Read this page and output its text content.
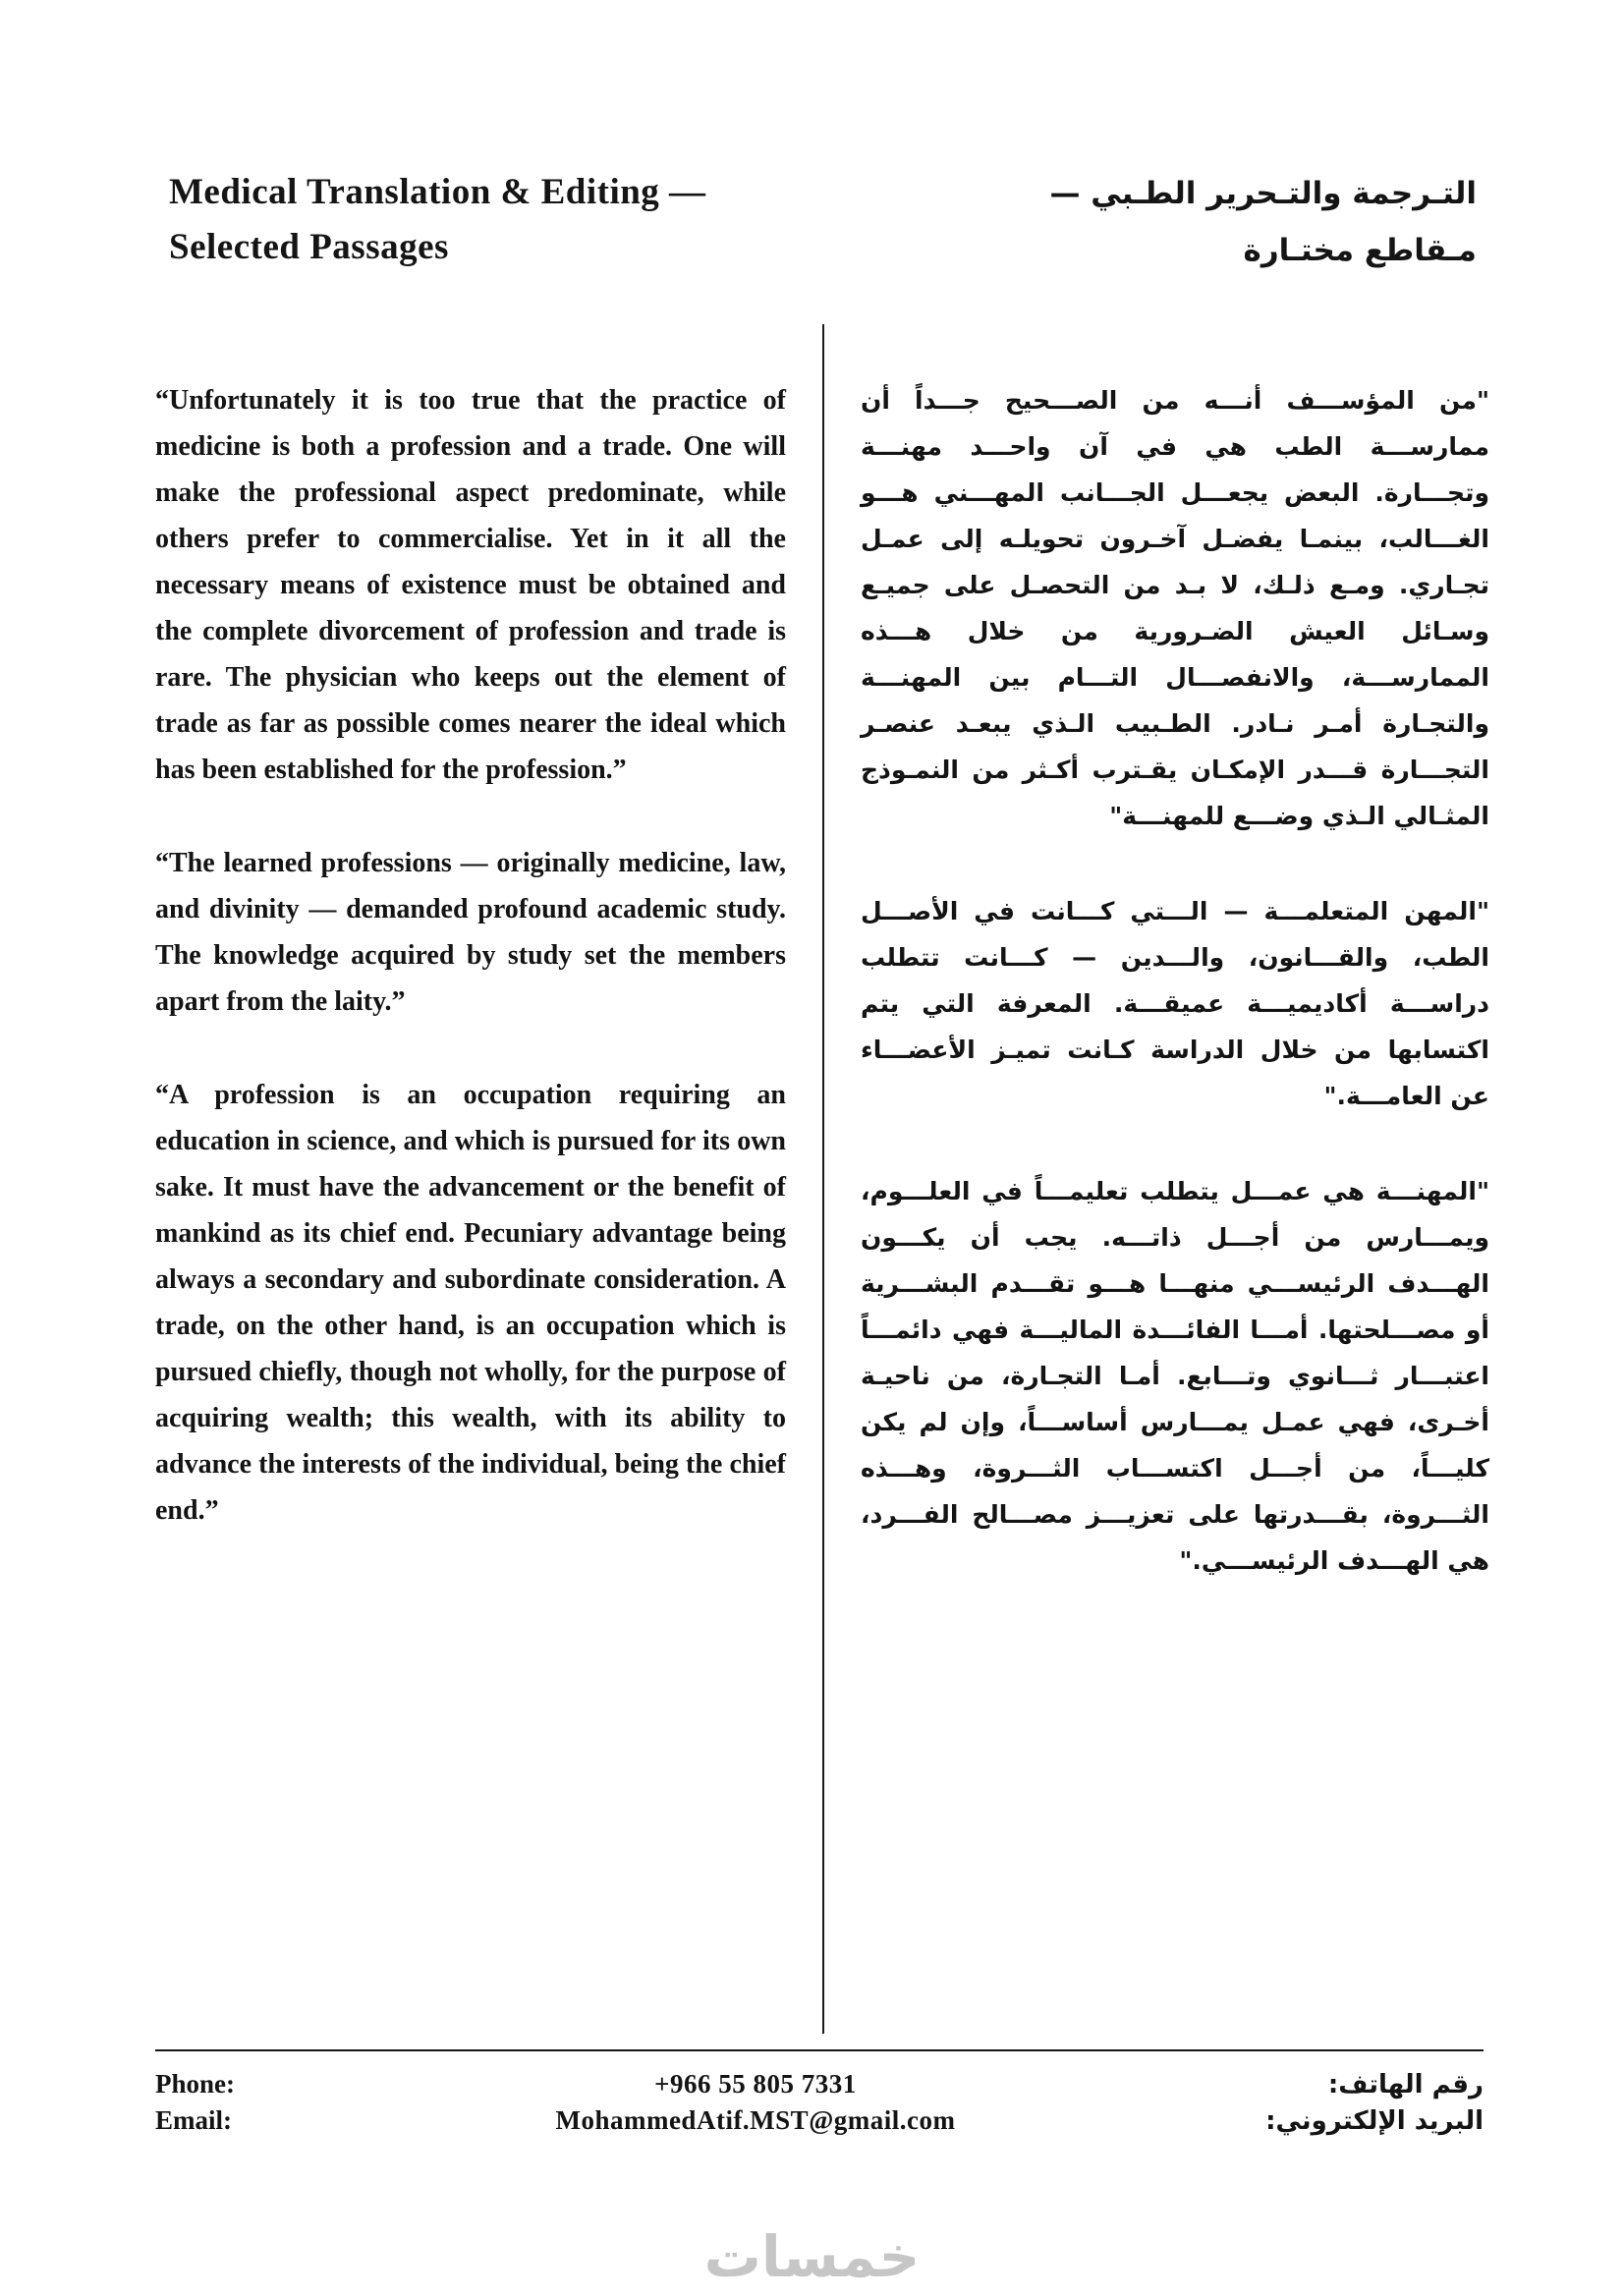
Medical Translation & Editing —
Selected Passages
التـرجمة والتـحرير الطـبي —
مـقاطع مختـارة

“Unfortunately it is too true that the practice of medicine is both a profession and a trade. One will make the professional aspect predominate, while others prefer to commercialise. Yet in it all the necessary means of existence must be obtained and the complete divorcement of profession and trade is rare. The physician who keeps out the element of trade as far as possible comes nearer the ideal which has been established for the profession.”

“The learned professions — originally medicine, law, and divinity — demanded profound academic study. The knowledge acquired by study set the members apart from the laity.”

“A profession is an occupation requiring an education in science, and which is pursued for its own sake. It must have the advancement or the benefit of mankind as its chief end. Pecuniary advantage being always a secondary and subordinate consideration. A trade, on the other hand, is an occupation which is pursued chiefly, though not wholly, for the purpose of acquiring wealth; this wealth, with its ability to advance the interests of the individual, being the chief end.”

"من المؤســـف أنـــه من الصـــحيح جـــداً أن ممارســـة الطب هي في آن واحـــد مهنـــة وتجـــارة. البعض يجعـــل الجـــانب المهـــني هـــو الغـــالب، بينمـا يفضـل آخـرون تحويلـه إلى عمـل تجـاري. ومـع ذلـك، لا بـد من التحصـل على جميـع وسـائل العيش الضـرورية من خلال هـــذه الممارســـة، والانفصـــال التـــام بين المهنـــة والتجـارة أمـر نـادر. الطـبيب الـذي يبعـد عنصـر التجـــارة قـــدر الإمكـان يقـترب أكـثر من النمـوذج المثـالي الـذي وضـــع للمهنـــة"

"المهن المتعلمـــة — الـــتي كـــانت في الأصـــل الطب، والقـــانون، والـــدين — كـــانت تتطلب دراســـة أكاديميـــة عميقـــة. المعرفة التي يتم اكتسابها من خلال الدراسة كـانت تميـز الأعضـــاء عن العامـــة."

"المهنـــة هي عمـــل يتطلب تعليمـــاً في العلـــوم، ويمـــارس من أجـــل ذاتـــه. يجب أن يكـــون الهـــدف الرئيســـي منهـــا هـــو تقـــدم البشـــرية أو مصـــلحتها. أمـــا الفائـــدة الماليـــة فهي دائمـــاً اعتبـــار ثـــانوي وتـــابع. أمـا التجـارة، من ناحيـة أخـرى، فهي عمـل يمـــارس أساســـاً، وإن لم يكن كليـــاً، من أجـــل اكتســـاب الثـــروة، وهـــذه الثـــروة، بقـــدرتها على تعزيـــز مصـــالح الفـــرد، هي الهـــدف الرئيســـي."

Phone:	+966 55 805 7331	رقم الهاتف:
Email:	MohammedAtif.MST@gmail.com	البريد الإلكتروني:
خمسات
